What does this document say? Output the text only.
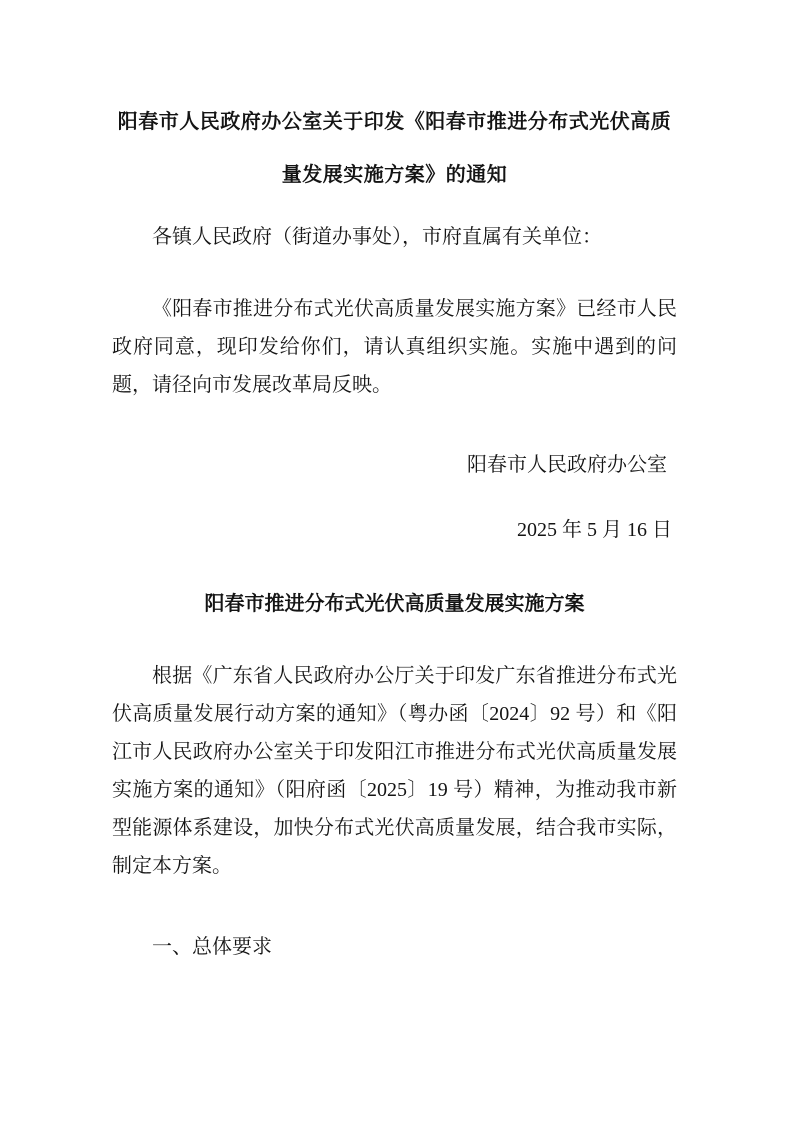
阳春市人民政府办公室关于印发《阳春市推进分布式光伏高质量发展实施方案》的通知

各镇人民政府（街道办事处），市府直属有关单位：

《阳春市推进分布式光伏高质量发展实施方案》已经市人民政府同意，现印发给你们，请认真组织实施。实施中遇到的问题，请径向市发展改革局反映。

阳春市人民政府办公室

2025 年 5 月 16 日

阳春市推进分布式光伏高质量发展实施方案

根据《广东省人民政府办公厅关于印发广东省推进分布式光伏高质量发展行动方案的通知》（粤办函〔2024〕92 号）和《阳江市人民政府办公室关于印发阳江市推进分布式光伏高质量发展实施方案的通知》（阳府函〔2025〕19 号）精神，为推动我市新型能源体系建设，加快分布式光伏高质量发展，结合我市实际，制定本方案。

一、总体要求
